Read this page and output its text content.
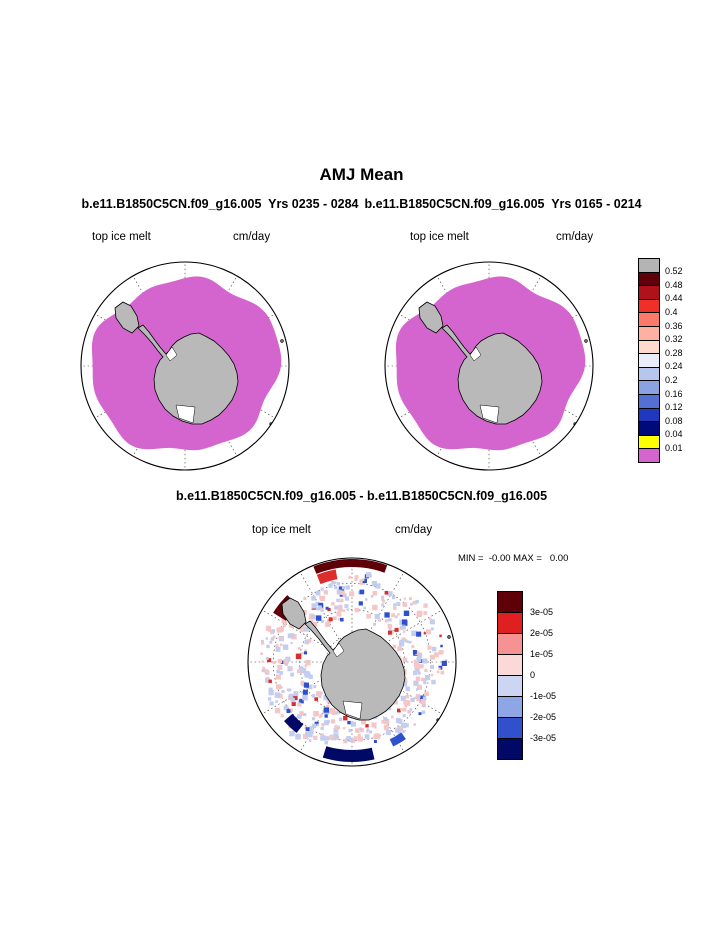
AMJ Mean
b.e11.B1850C5CN.f09_g16.005  Yrs 0235 - 0284 b.e11.B1850C5CN.f09_g16.005  Yrs 0165 - 0214
top ice melt	cm/day	top ice melt	cm/day
0.52
0.48
0.44
0.4
0.36
0.32
0.28
0.24
0.2
0.16
0.12
0.08
0.04
0.01
b.e11.B1850C5CN.f09_g16.005 - b.e11.B1850C5CN.f09_g16.005
top ice melt	cm/day
MIN =  -0.00 MAX =   0.00
3e-05
2e-05
1e-05
0
-1e-05
-2e-05
-3e-05
